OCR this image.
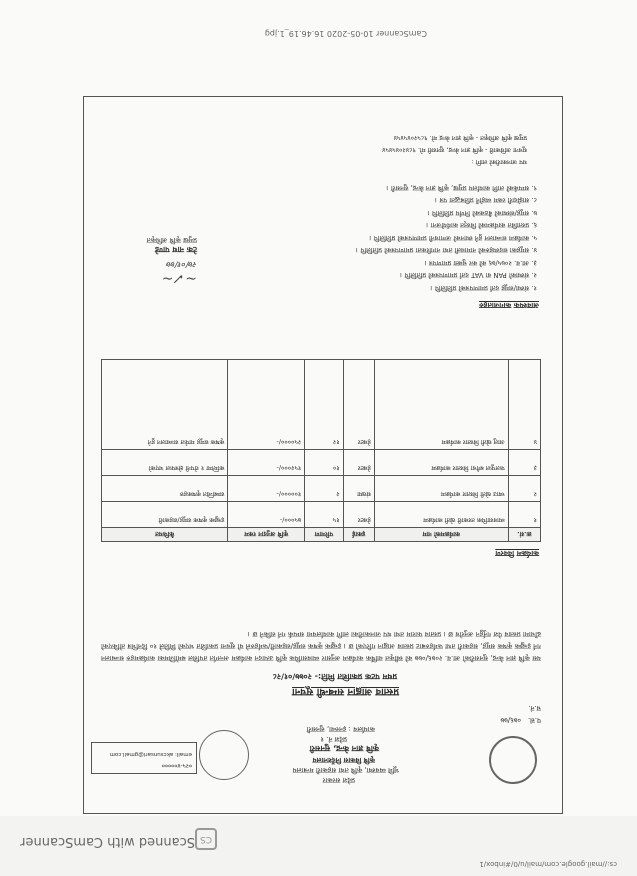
cs://mail.google.com/mail/u/0/#inbox/1
CS
Scanned with CamScanner
प्रदेश सरकार
भूमि व्यवस्था, कृषि तथा सहकारी मन्त्रालय
कृषि विकास निर्देशनालय
कृषि ज्ञान केन्द्र, सुनसरी
प्रदेश नं. १
कार्यालय : इनरुवा, सुनसरी
प.सं.
०७६/७७
च.नं.
०२५-४०००००
email: akcsunsari@gmail.com
प्रस्ताव आह्वान सम्बन्धी सूचना
प्रथम पटक प्रकाशित मिति:- २०७७/०१/२८
यस कृषि ज्ञान केन्द्र, सुनसरीको आ.व. २०७६/०७७ को स्वीकृत वार्षिक कार्यक्रम अनुसार व्यावसायिक कृषि उत्पादन कार्यक्रम अन्तर्गत तपसिल बमोजिमका कार्यक्रमहरु सञ्चालन गर्न इच्छुक कृषक समूह, सहकारी तथा फर्महरुबाट प्रस्ताव आह्वान गरिएको छ । इच्छुक कृषक समूह/सहकारी/फर्महरुले यो सूचना प्रकाशित भएको मितिले १० दिनभित्र तोकिएको ढाँचामा प्रस्ताव पेश गर्नुहुन अनुरोध छ । प्रस्ताव फाराम तथा थप जानकारीका लागि कार्यालयमा सम्पर्क गर्न सकिने छ ।
कार्यक्रम विवरण
क्र.सं.	कार्यक्रमको नाम	इकाई	परिमाण	कृषि अनुदान रकम	कैफियत
१	व्यावसायिक तरकारी खेती कार्यक्रम	हेक्टर	१५	७५०००/-	इच्छुक कृषक समूह/सहकारी
२	च्याउ खेती विस्तार कार्यक्रम	संख्या	२	१०००००/-	सम्बन्धित कृषकहरु
३	फलफूल बगैचा विस्तार कार्यक्रम	हेक्टर	१०	१५२०००/-	कम्तिमा १ रोपनी क्षेत्रफल भएको
४	आलु खेती विस्तार कार्यक्रम	हेक्टर	१२	२५००००/-	कृषक समूह मार्फत सञ्चालन हुने
आवश्यक कागजातहरु
१. संस्था/समूह दर्ता प्रमाणपत्रको प्रतिलिपि ।
२. संस्थाको PAN वा VAT दर्ता प्रमाणपत्रको प्रतिलिपि ।
३. आ.व. २०७५/७६ को कर चुक्ता प्रमाणपत्र ।
४. समूहका सदस्यहरुको नामावली तथा नागरिकता प्रमाणपत्रको प्रतिलिपि ।
५. कार्यक्रम सञ्चालन हुने स्थानको जग्गाधनी प्रमाणपत्रको प्रतिलिपि ।
६. प्रस्तावित कार्यक्रमको विस्तृत कार्ययोजना ।
७. समूह/संस्थाको बैठकको निर्णय प्रतिलिपि ।
८. साझेदारी रकम व्यहोर्ने प्रतिबद्धता पत्र ।
९. सम्पर्कको लागि कार्यालय प्रमुख, कृषि ज्ञान केन्द्र, सुनसरी ।
थप जानकारीको लागि :
सूचना अधिकारी - कृषि ज्ञान केन्द्र, सुनसरी मो. ९८४२०४५४५४
प्रमुख कृषि अधिकृत - कृषि ज्ञान केन्द्र मो. ९८५२०४५४५४
~✓~
२७/०१/७७
टेक नाथ पाण्डे
प्रमुख कृषि अधिकृत
CamScanner 10-05-2020 16.46.19_1.jpg
